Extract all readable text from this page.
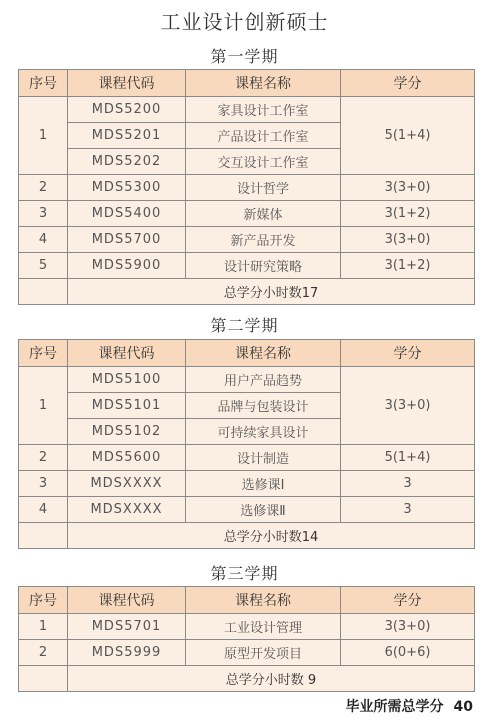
工业设计创新硕士
第一学期
序号	课程代码	课程名称	学分
1	MDS5200	家具设计工作室	5(1+4)
	MDS5201	产品设计工作室	
	MDS5202	交互设计工作室	
2	MDS5300	设计哲学	3(3+0)
3	MDS5400	新媒体	3(1+2)
4	MDS5700	新产品开发	3(3+0)
5	MDS5900	设计研究策略	3(1+2)
	总学分小时数17		
第二学期
序号	课程代码	课程名称	学分
1	MDS5100	用户产品趋势	3(3+0)
	MDS5101	品牌与包装设计	
	MDS5102	可持续家具设计	
2	MDS5600	设计制造	5(1+4)
3	MDSXXXX	选修课Ⅰ	3
4	MDSXXXX	选修课Ⅱ	3
	总学分小时数14		
第三学期
序号	课程代码	课程名称	学分
1	MDS5701	工业设计管理	3(3+0)
2	MDS5999	原型开发项目	6(0+6)
	总学分小时数 9		
毕业所需总学分 40
